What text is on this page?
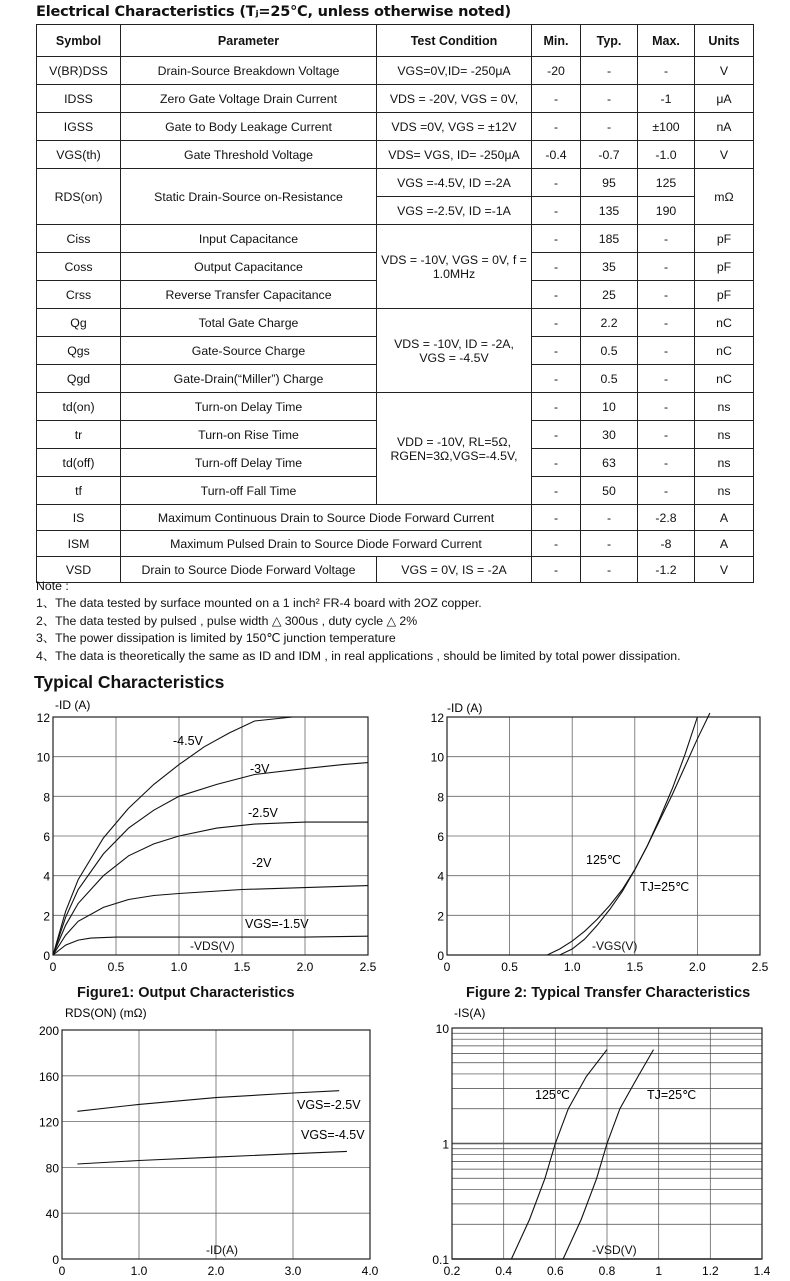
Electrical Characteristics (Tⱼ=25℃, unless otherwise noted)
Symbol	Parameter	Test Condition	Min.	Typ.	Max.	Units
V(BR)DSS	Drain-Source Breakdown Voltage	VGS=0V,ID= -250μA	-20	-	-	V
IDSS	Zero Gate Voltage Drain Current	VDS = -20V, VGS = 0V,	-	-	-1	μA
IGSS	Gate to Body Leakage Current	VDS =0V, VGS = ±12V	-	-	±100	nA
VGS(th)	Gate Threshold Voltage	VDS= VGS, ID= -250μA	-0.4	-0.7	-1.0	V
RDS(on)	Static Drain-Source on-Resistance	VGS =-4.5V, ID =-2A	-	95	125	mΩ
		VGS =-2.5V, ID =-1A	-	135	190	
Ciss	Input Capacitance	VDS = -10V, VGS = 0V, f = 1.0MHz	-	185	-	pF
Coss	Output Capacitance		-	35	-	pF
Crss	Reverse Transfer Capacitance		-	25	-	pF
Qg	Total Gate Charge	VDS = -10V, ID = -2A, VGS = -4.5V	-	2.2	-	nC
Qgs	Gate-Source Charge		-	0.5	-	nC
Qgd	Gate-Drain(“Miller”) Charge		-	0.5	-	nC
td(on)	Turn-on Delay Time	VDD = -10V, RL=5Ω, RGEN=3Ω,VGS=-4.5V,	-	10	-	ns
tr	Turn-on Rise Time		-	30	-	ns
td(off)	Turn-off Delay Time		-	63	-	ns
tf	Turn-off Fall Time		-	50	-	ns
IS	Maximum Continuous Drain to Source Diode Forward Current		-	-	-2.8	A
ISM	Maximum Pulsed Drain to Source Diode Forward Current		-	-	-8	A
VSD	Drain to Source Diode Forward Voltage	VGS = 0V, IS = -2A	-	-	-1.2	V
Note :
1、The data tested by surface mounted on a 1 inch² FR-4 board with 2OZ copper.
2、The data tested by pulsed , pulse width △ 300us , duty cycle △ 2%
3、The power dissipation is limited by 150℃ junction temperature
4、The data is theoretically the same as ID and IDM , in real applications , should be limited by total power dissipation.
Typical Characteristics
0	0.5	1.0	1.5	2.0	2.5
0
2
4
6
8
10
12
-4.5V
-3V
-2.5V
-2V
VGS=-1.5V
-ID (A)
-VDS(V)
0	0.5	1.0	1.5	2.0	2.5
0
2
4
6
8
10
12
125℃
TJ=25℃
-ID (A)
-VGS(V)
0	1.0	2.0	3.0	4.0
0
40
80
120
160
200
VGS=-2.5V
VGS=-4.5V
RDS(ON) (mΩ)
-ID(A)
0.2	0.4	0.6	0.8	1	1.2	1.4
0.1
1
10
125℃	TJ=25℃
-IS(A)
-VSD(V)
Figure1: Output Characteristics	Figure 2: Typical Transfer Characteristics
